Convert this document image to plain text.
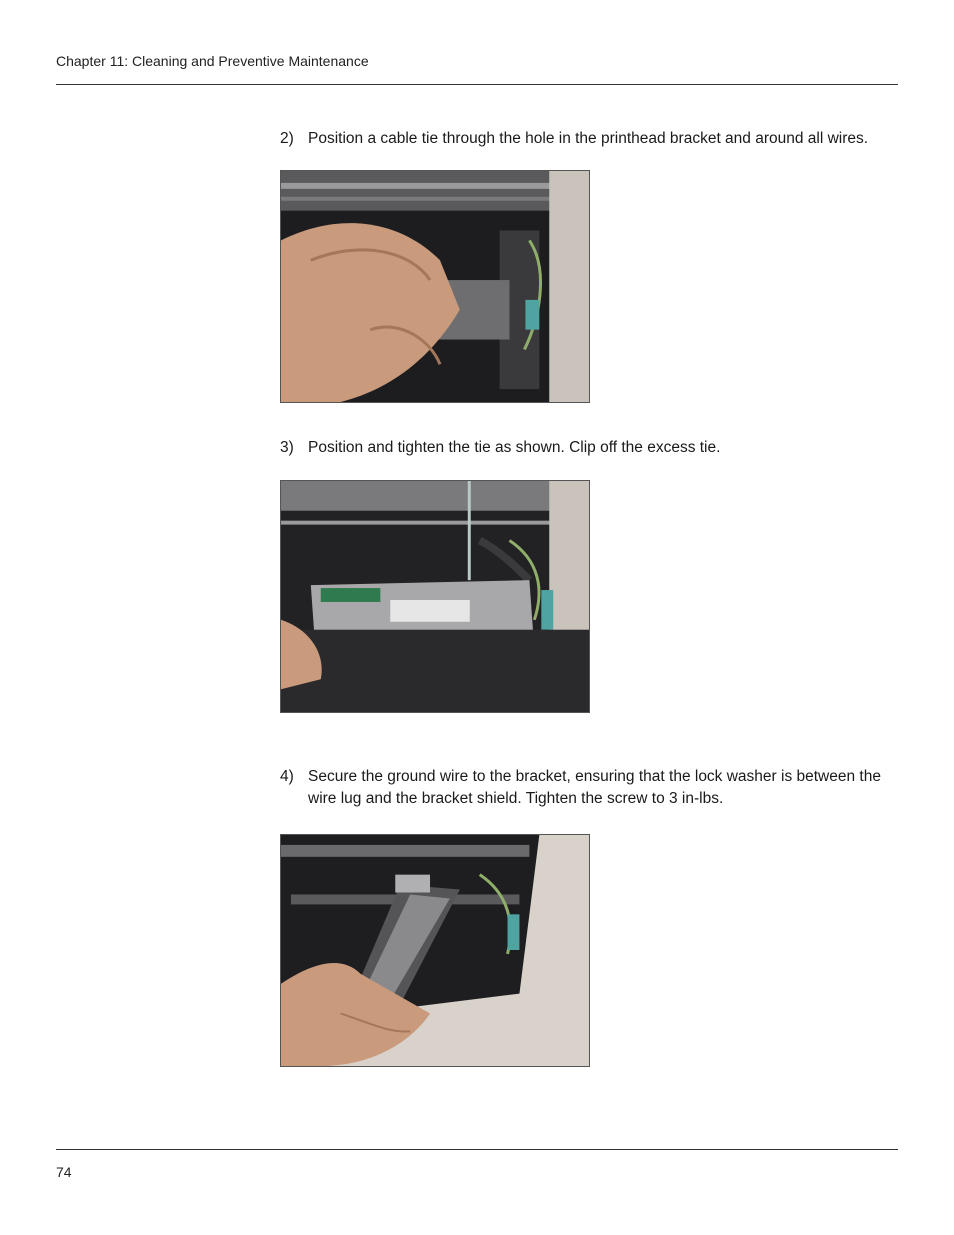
Chapter 11: Cleaning and Preventive Maintenance
2) Position a cable tie through the hole in the printhead bracket and around all wires.
3) Position and tighten the tie as shown. Clip off the excess tie.
4) Secure the ground wire to the bracket, ensuring that the lock washer is between the wire lug and the bracket shield. Tighten the screw to 3 in-lbs.
74
